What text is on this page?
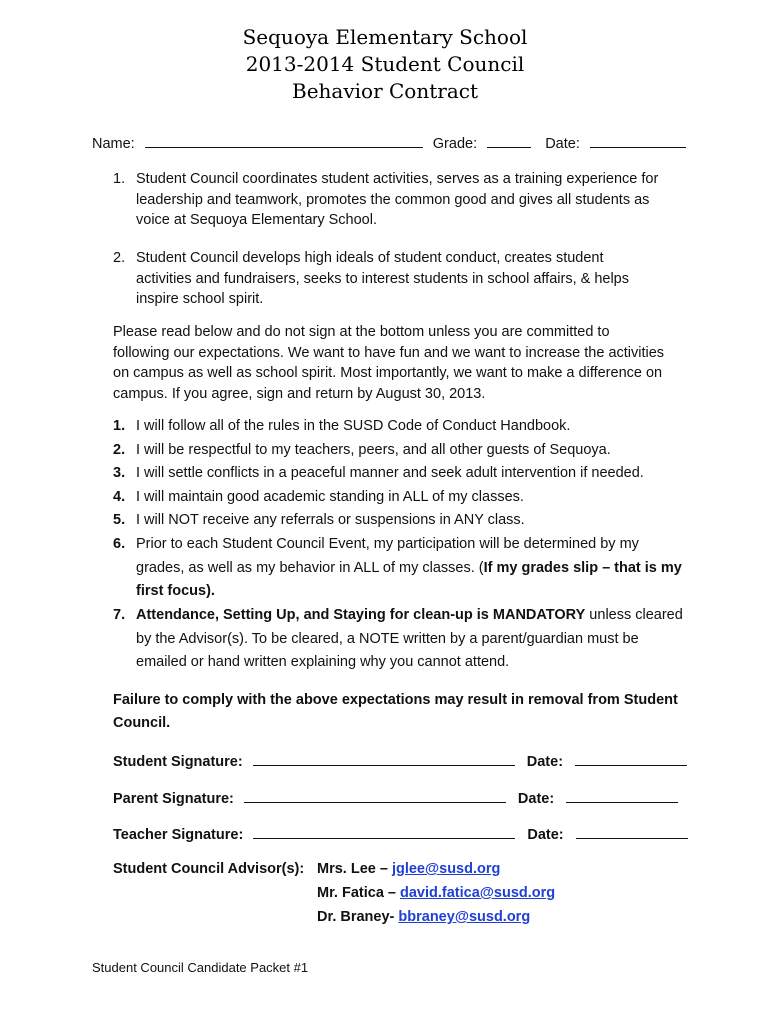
Sequoya Elementary School
2013-2014 Student Council
Behavior Contract
Name:	Grade:	Date:
1. Student Council coordinates student activities, serves as a training experience for leadership and teamwork, promotes the common good and gives all students as voice at Sequoya Elementary School.
2. Student Council develops high ideals of student conduct, creates student activities and fundraisers, seeks to interest students in school affairs, & helps inspire school spirit.
Please read below and do not sign at the bottom unless you are committed to following our expectations. We want to have fun and we want to increase the activities on campus as well as school spirit. Most importantly, we want to make a difference on campus. If you agree, sign and return by August 30, 2013.
1. I will follow all of the rules in the SUSD Code of Conduct Handbook.
2. I will be respectful to my teachers, peers, and all other guests of Sequoya.
3. I will settle conflicts in a peaceful manner and seek adult intervention if needed.
4. I will maintain good academic standing in ALL of my classes.
5. I will NOT receive any referrals or suspensions in ANY class.
6. Prior to each Student Council Event, my participation will be determined by my grades, as well as my behavior in ALL of my classes. (If my grades slip – that is my first focus).
7. Attendance, Setting Up, and Staying for clean-up is MANDATORY unless cleared by the Advisor(s). To be cleared, a NOTE written by a parent/guardian must be emailed or hand written explaining why you cannot attend.
Failure to comply with the above expectations may result in removal from Student Council.
Student Signature:	Date:
Parent Signature:	Date:
Teacher Signature:	Date:
Student Council Advisor(s): Mrs. Lee – jglee@susd.org
Mr. Fatica – david.fatica@susd.org
Dr. Braney- bbraney@susd.org
Student Council Candidate Packet #1
